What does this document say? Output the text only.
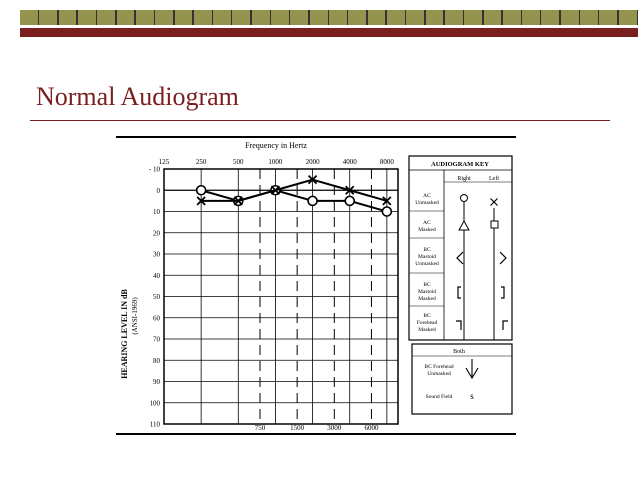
Normal Audiogram
Frequency in Hertz
125	250	500	1000	2000	4000	8000
750	1500	3000	6000
- 10
0
10
20
30
40
50
60
70
80
90
100
110
HEARING LEVEL IN dB (ANSI-1969)
AUDIOGRAM KEY
Right	Left
AC
Unmasked
AC
Masked
BC
Mastoid
Unmasked
BC
Mastoid
Masked
BC
Forehead
Masked
Both
BC Forehead
Unmasked
Sound Field s
